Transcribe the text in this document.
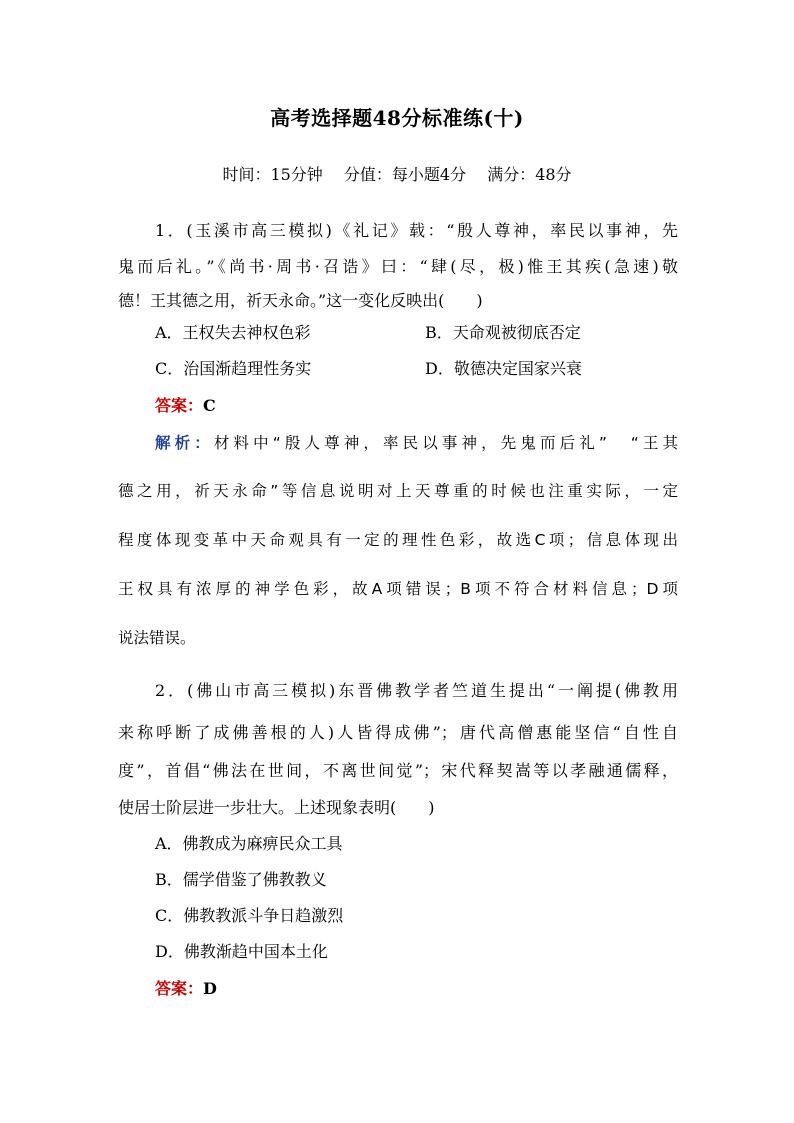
高考选择题48分标准练(十)
时间：15分钟 分值：每小题4分 满分：48分
1．(玉溪市高三模拟)《礼记》载：“殷人尊神，率民以事神，先
鬼而后礼。”《尚书·周书·召诰》曰：“肆(尽，极)惟王其疾(急速)敬
德！王其德之用，祈天永命。”这一变化反映出(　　)
A．王权失去神权色彩	B．天命观被彻底否定
C．治国渐趋理性务实	D．敬德决定国家兴衰
答案：C
解析：材料中“殷人尊神，率民以事神，先鬼而后礼”　“王其
德之用，祈天永命”等信息说明对上天尊重的时候也注重实际，一定
程度体现变革中天命观具有一定的理性色彩，故选C项；信息体现出
王权具有浓厚的神学色彩，故A项错误；B项不符合材料信息；D项
说法错误。
2．(佛山市高三模拟)东晋佛教学者竺道生提出“一阐提(佛教用
来称呼断了成佛善根的人)人皆得成佛”；唐代高僧惠能坚信“自性自
度”，首倡“佛法在世间，不离世间觉”；宋代释契嵩等以孝融通儒释，
使居士阶层进一步壮大。上述现象表明(　　)
A．佛教成为麻痹民众工具
B．儒学借鉴了佛教教义
C．佛教教派斗争日趋激烈
D．佛教渐趋中国本土化
答案：D
